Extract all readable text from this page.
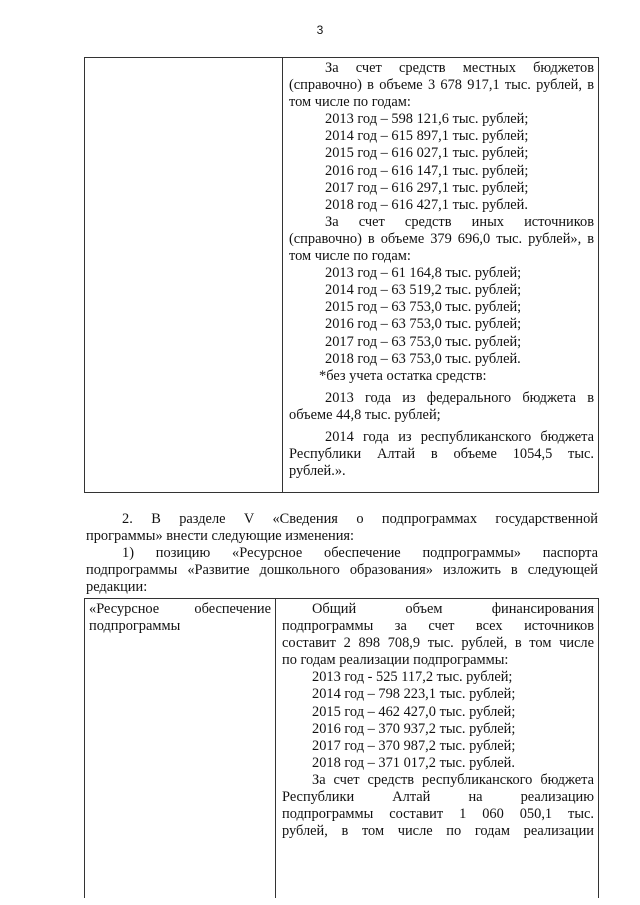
3
За счет средств местных бюджетов
(справочно) в объеме 3 678 917,1 тыс. рублей, в
том числе по годам:
2013 год – 598 121,6 тыс. рублей;
2014 год – 615 897,1 тыс. рублей;
2015 год – 616 027,1 тыс. рублей;
2016 год – 616 147,1 тыс. рублей;
2017 год – 616 297,1 тыс. рублей;
2018 год – 616 427,1 тыс. рублей.
За счет средств иных источников
(справочно) в объеме 379 696,0 тыс. рублей», в
том числе по годам:
2013 год – 61 164,8 тыс. рублей;
2014 год – 63 519,2 тыс. рублей;
2015 год – 63 753,0 тыс. рублей;
2016 год – 63 753,0 тыс. рублей;
2017 год – 63 753,0 тыс. рублей;
2018 год – 63 753,0 тыс. рублей.
*без учета остатка средств:
2013 года из федерального бюджета в
объеме 44,8 тыс. рублей;
2014 года из республиканского бюджета
Республики Алтай в объеме 1054,5 тыс.
рублей.».
2. В разделе V «Сведения о подпрограммах государственной
программы» внести следующие изменения:
1) позицию «Ресурсное обеспечение подпрограммы» паспорта
подпрограммы «Развитие дошкольного образования» изложить в следующей
редакции:
«Ресурсное обеспечение
подпрограммы
Общий объем финансирования
подпрограммы за счет всех источников
составит 2 898 708,9 тыс. рублей, в том числе
по годам реализации подпрограммы:
2013 год - 525 117,2 тыс. рублей;
2014 год – 798 223,1 тыс. рублей;
2015 год – 462 427,0 тыс. рублей;
2016 год – 370 937,2 тыс. рублей;
2017 год – 370 987,2 тыс. рублей;
2018 год – 371 017,2 тыс. рублей.
За счет средств республиканского бюджета
Республики Алтай на реализацию
подпрограммы составит 1 060 050,1 тыс.
рублей, в том числе по годам реализации
